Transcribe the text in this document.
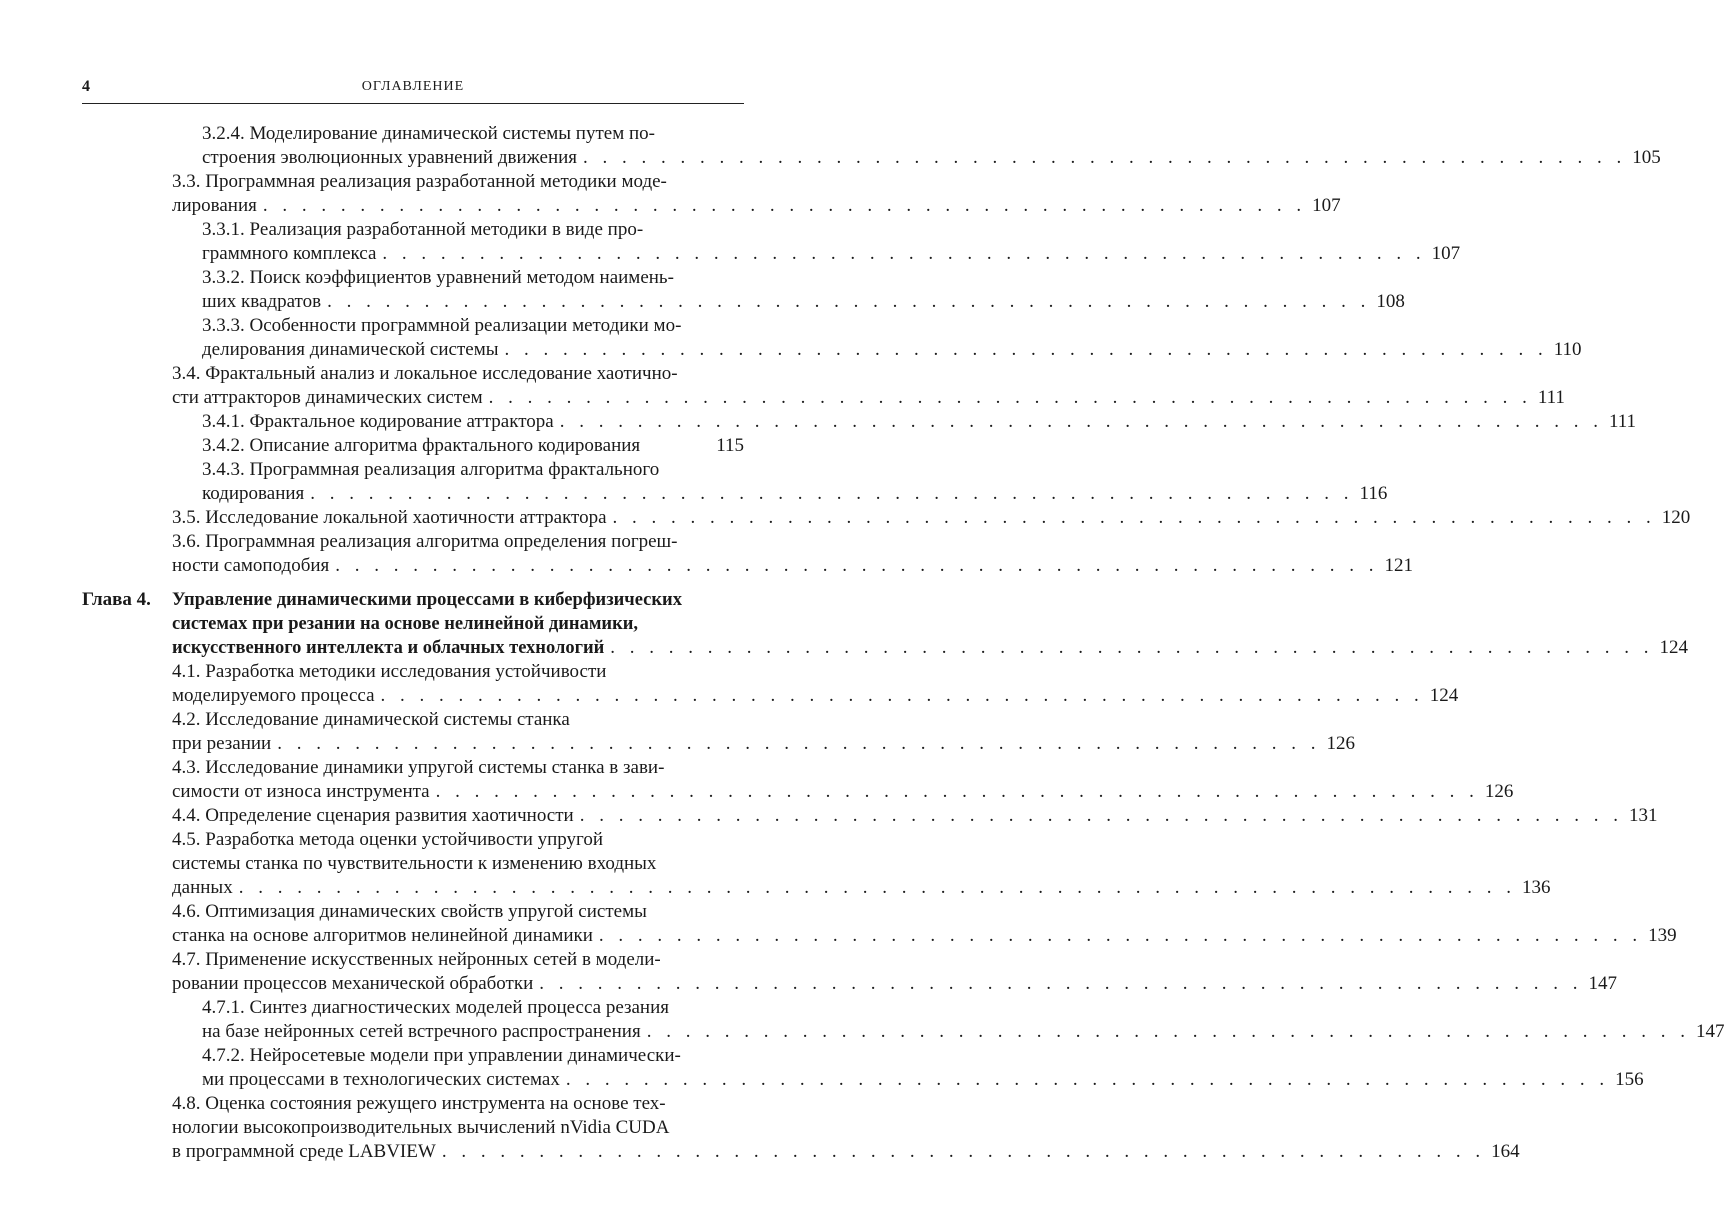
4	ОГЛАВЛЕНИЕ
3.2.4. Моделирование динамической системы путем по-
строения эволюционных уравнений движения . . . . . . . . . . . . . . . . . . . . . . . . . . . . . . . . . . . . . . . . . . . . . . . . . . . . . . 105
3.3. Программная реализация разработанной методики моде-
лирования . . . . . . . . . . . . . . . . . . . . . . . . . . . . . . . . . . . . . . . . . . . . . . . . . . . . . . 107
3.3.1. Реализация разработанной методики в виде про-
граммного комплекса . . . . . . . . . . . . . . . . . . . . . . . . . . . . . . . . . . . . . . . . . . . . . . . . . . . . . . 107
3.3.2. Поиск коэффициентов уравнений методом наимень-
ших квадратов . . . . . . . . . . . . . . . . . . . . . . . . . . . . . . . . . . . . . . . . . . . . . . . . . . . . . . 108
3.3.3. Особенности программной реализации методики мо-
делирования динамической системы . . . . . . . . . . . . . . . . . . . . . . . . . . . . . . . . . . . . . . . . . . . . . . . . . . . . . . 110
3.4. Фрактальный анализ и локальное исследование хаотично-
сти аттракторов динамических систем . . . . . . . . . . . . . . . . . . . . . . . . . . . . . . . . . . . . . . . . . . . . . . . . . . . . . . 111
3.4.1. Фрактальное кодирование аттрактора . . . . . . . . . . . . . . . . . . . . . . . . . . . . . . . . . . . . . . . . . . . . . . . . . . . . . . 111
3.4.2. Описание алгоритма фрактального кодирования	115
3.4.3. Программная реализация алгоритма фрактального
кодирования . . . . . . . . . . . . . . . . . . . . . . . . . . . . . . . . . . . . . . . . . . . . . . . . . . . . . . 116
3.5. Исследование локальной хаотичности аттрактора . . . . . . . . . . . . . . . . . . . . . . . . . . . . . . . . . . . . . . . . . . . . . . . . . . . . . . 120
3.6. Программная реализация алгоритма определения погреш-
ности самоподобия . . . . . . . . . . . . . . . . . . . . . . . . . . . . . . . . . . . . . . . . . . . . . . . . . . . . . . 121
Глава 4. Управление динамическими процессами в киберфизических
системах при резании на основе нелинейной динамики,
искусственного интеллекта и облачных технологий . . . . . . . . . . . . . . . . . . . . . . . . . . . . . . . . . . . . . . . . . . . . . . . . . . . . . . 124
4.1. Разработка методики исследования устойчивости
моделируемого процесса . . . . . . . . . . . . . . . . . . . . . . . . . . . . . . . . . . . . . . . . . . . . . . . . . . . . . . 124
4.2. Исследование динамической системы станка
при резании . . . . . . . . . . . . . . . . . . . . . . . . . . . . . . . . . . . . . . . . . . . . . . . . . . . . . . 126
4.3. Исследование динамики упругой системы станка в зави-
симости от износа инструмента . . . . . . . . . . . . . . . . . . . . . . . . . . . . . . . . . . . . . . . . . . . . . . . . . . . . . . 126
4.4. Определение сценария развития хаотичности . . . . . . . . . . . . . . . . . . . . . . . . . . . . . . . . . . . . . . . . . . . . . . . . . . . . . . 131
4.5. Разработка метода оценки устойчивости упругой
системы станка по чувствительности к изменению входных
данных . . . . . . . . . . . . . . . . . . . . . . . . . . . . . . . . . . . . . . . . . . . . . . . . . . . . . . . . . . . . . . . . . . 136
4.6. Оптимизация динамических свойств упругой системы
станка на основе алгоритмов нелинейной динамики . . . . . . . . . . . . . . . . . . . . . . . . . . . . . . . . . . . . . . . . . . . . . . . . . . . . . . 139
4.7. Применение искусственных нейронных сетей в модели-
ровании процессов механической обработки . . . . . . . . . . . . . . . . . . . . . . . . . . . . . . . . . . . . . . . . . . . . . . . . . . . . . . 147
4.7.1. Синтез диагностических моделей процесса резания
на базе нейронных сетей встречного распространения . . . . . . . . . . . . . . . . . . . . . . . . . . . . . . . . . . . . . . . . . . . . . . . . . . . . . . 147
4.7.2. Нейросетевые модели при управлении динамически-
ми процессами в технологических системах . . . . . . . . . . . . . . . . . . . . . . . . . . . . . . . . . . . . . . . . . . . . . . . . . . . . . . 156
4.8. Оценка состояния режущего инструмента на основе тех-
нологии высокопроизводительных вычислений nVidia CUDA
в программной среде LABVIEW . . . . . . . . . . . . . . . . . . . . . . . . . . . . . . . . . . . . . . . . . . . . . . . . . . . . . . 164
